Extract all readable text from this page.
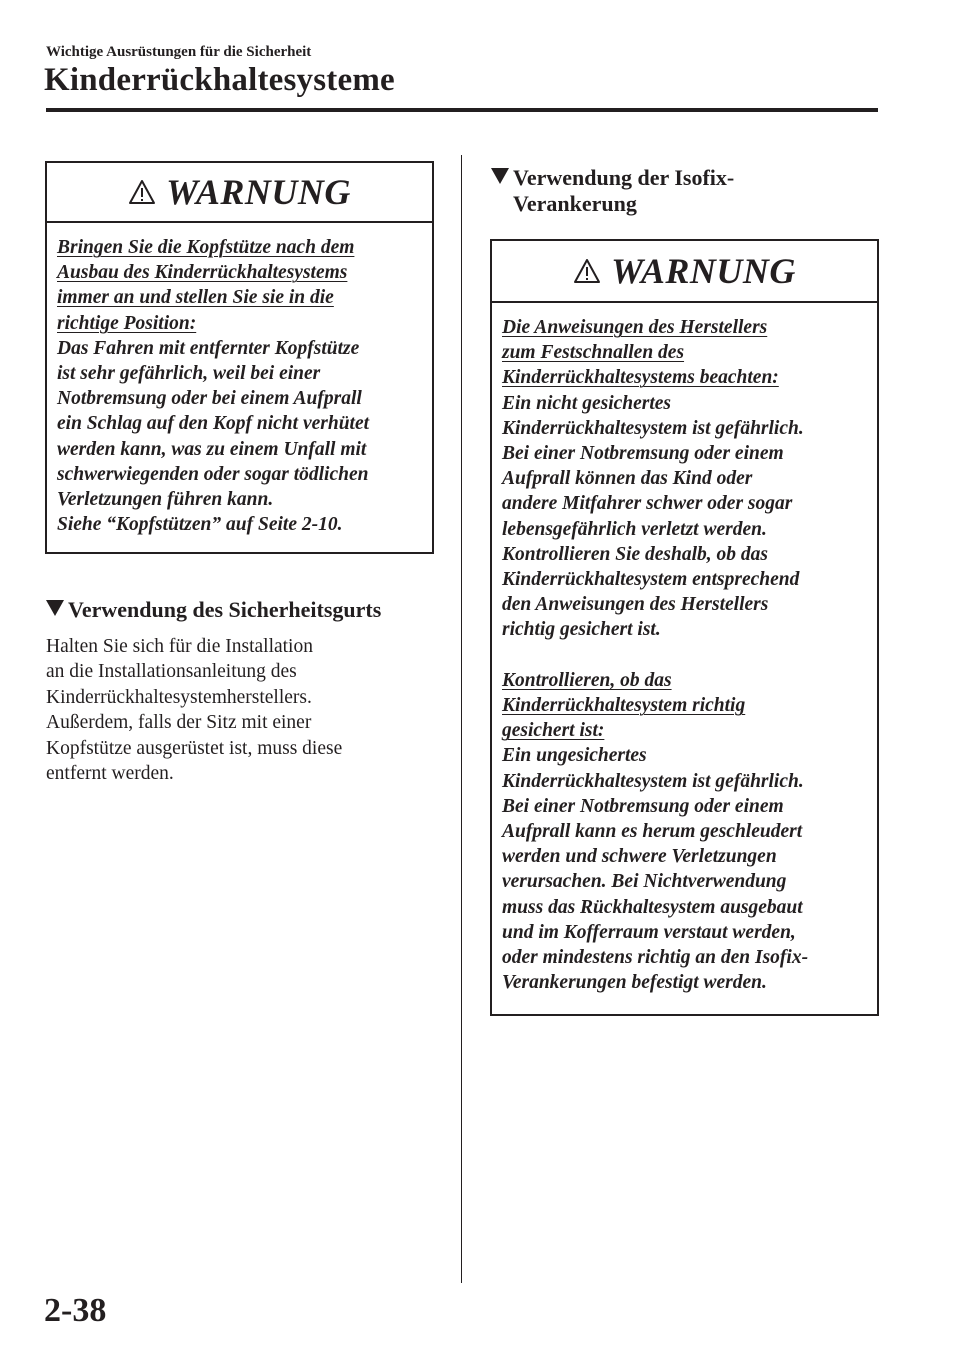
Wichtige Ausrüstungen für die Sicherheit
Kinderrückhaltesysteme
WARNUNG
Bringen Sie die Kopfstütze nach dem
Ausbau des Kinderrückhaltesystems
immer an und stellen Sie sie in die
richtige Position:
Das Fahren mit entfernter Kopfstütze
ist sehr gefährlich, weil bei einer
Notbremsung oder bei einem Aufprall
ein Schlag auf den Kopf nicht verhütet
werden kann, was zu einem Unfall mit
schwerwiegenden oder sogar tödlichen
Verletzungen führen kann.
Siehe “Kopfstützen” auf Seite 2-10.
Verwendung des Sicherheitsgurts
Halten Sie sich für die Installation
an die Installationsanleitung des
Kinderrückhaltesystemherstellers.
Außerdem, falls der Sitz mit einer
Kopfstütze ausgerüstet ist, muss diese
entfernt werden.
Verwendung der Isofix-
Verankerung
WARNUNG
Die Anweisungen des Herstellers
zum Festschnallen des
Kinderrückhaltesystems beachten:
Ein nicht gesichertes
Kinderrückhaltesystem ist gefährlich.
Bei einer Notbremsung oder einem
Aufprall können das Kind oder
andere Mitfahrer schwer oder sogar
lebensgefährlich verletzt werden.
Kontrollieren Sie deshalb, ob das
Kinderrückhaltesystem entsprechend
den Anweisungen des Herstellers
richtig gesichert ist.
Kontrollieren, ob das
Kinderrückhaltesystem richtig
gesichert ist:
Ein ungesichertes
Kinderrückhaltesystem ist gefährlich.
Bei einer Notbremsung oder einem
Aufprall kann es herum geschleudert
werden und schwere Verletzungen
verursachen. Bei Nichtverwendung
muss das Rückhaltesystem ausgebaut
und im Kofferraum verstaut werden,
oder mindestens richtig an den Isofix-
Verankerungen befestigt werden.
2-38
